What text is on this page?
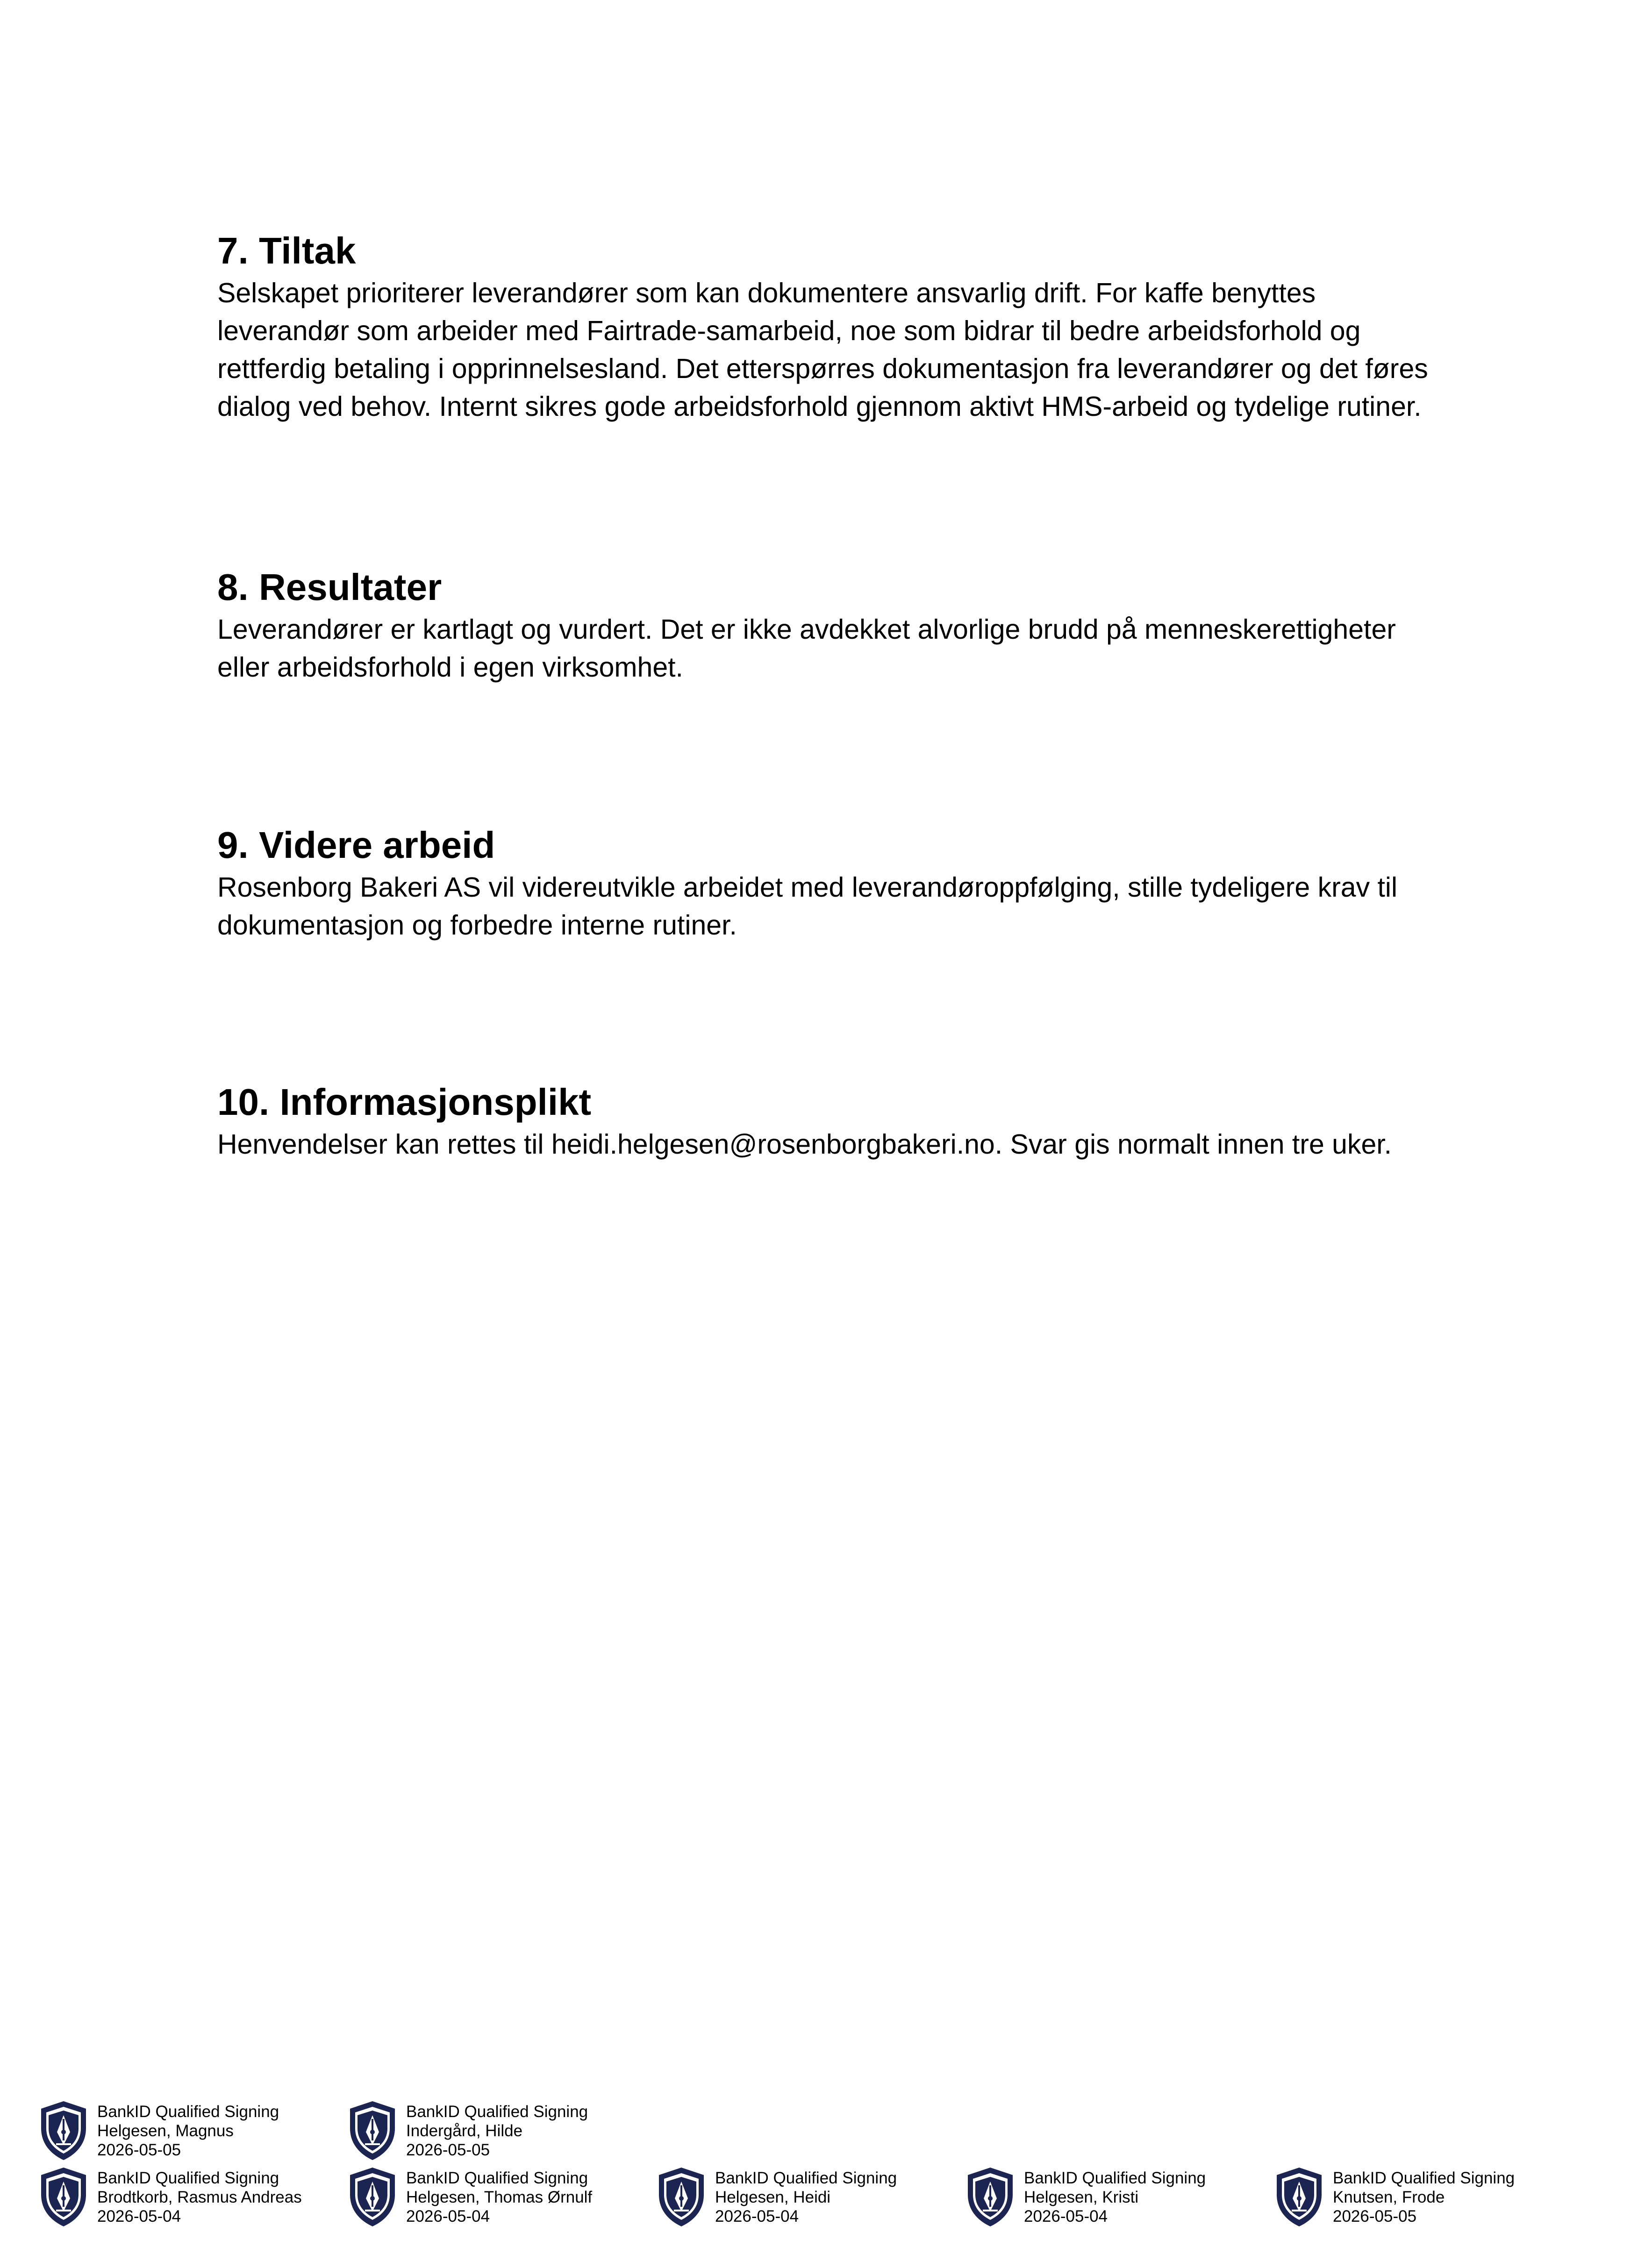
7. Tiltak

Selskapet prioriterer leverandører som kan dokumentere ansvarlig drift. For kaffe benyttes
leverandør som arbeider med Fairtrade-samarbeid, noe som bidrar til bedre arbeidsforhold og
rettferdig betaling i opprinnelsesland. Det etterspørres dokumentasjon fra leverandører og det føres
dialog ved behov. Internt sikres gode arbeidsforhold gjennom aktivt HMS-arbeid og tydelige rutiner.

8. Resultater

Leverandører er kartlagt og vurdert. Det er ikke avdekket alvorlige brudd på menneskerettigheter
eller arbeidsforhold i egen virksomhet.

9. Videre arbeid

Rosenborg Bakeri AS vil videreutvikle arbeidet med leverandøroppfølging, stille tydeligere krav til
dokumentasjon og forbedre interne rutiner.

10. Informasjonsplikt

Henvendelser kan rettes til heidi.helgesen@rosenborgbakeri.no. Svar gis normalt innen tre uker.

BankID Qualified Signing
Helgesen, Magnus
2026-05-05
BankID Qualified Signing
Indergård, Hilde
2026-05-05
BankID Qualified Signing
Brodtkorb, Rasmus Andreas
2026-05-04
BankID Qualified Signing
Helgesen, Thomas Ørnulf
2026-05-04
BankID Qualified Signing
Helgesen, Heidi
2026-05-04
BankID Qualified Signing
Helgesen, Kristi
2026-05-04
BankID Qualified Signing
Knutsen, Frode
2026-05-05
